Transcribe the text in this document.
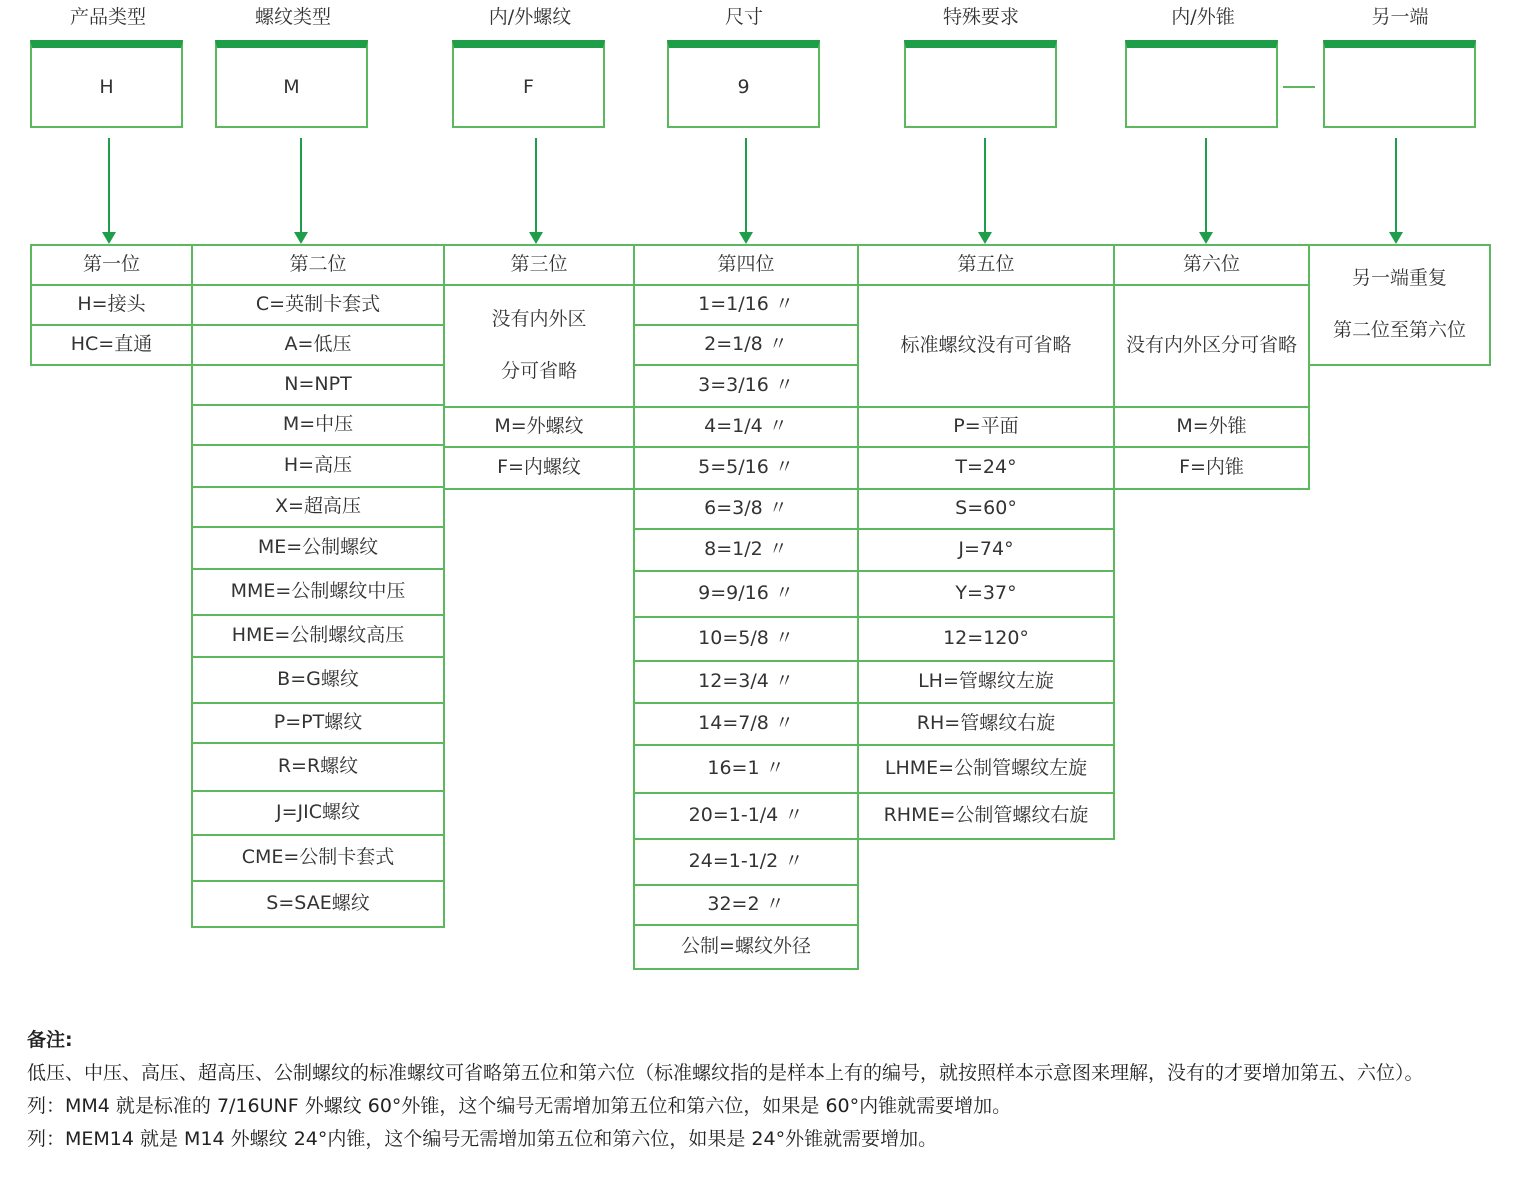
产品类型	螺纹类型	内/外螺纹	尺寸	特殊要求	内/外锥	另一端
H	M	F	9
第一位
H=接头
HC=直通
第二位
C=英制卡套式
A=低压
N=NPT
M=中压
H=高压
X=超高压
ME=公制螺纹
MME=公制螺纹中压
HME=公制螺纹高压
B=G螺纹
P=PT螺纹
R=R螺纹
J=JIC螺纹
CME=公制卡套式
S=SAE螺纹
第三位
没有内外区
分可省略
M=外螺纹
F=内螺纹
第四位
1=1/16 〃
2=1/8 〃
3=3/16 〃
4=1/4 〃
5=5/16 〃
6=3/8 〃
8=1/2 〃
9=9/16 〃
10=5/8 〃
12=3/4 〃
14=7/8 〃
16=1 〃
20=1-1/4 〃
24=1-1/2 〃
32=2 〃
公制=螺纹外径
第五位
标准螺纹没有可省略
P=平面
T=24°
S=60°
J=74°
Y=37°
12=120°
LH=管螺纹左旋
RH=管螺纹右旋
LHME=公制管螺纹左旋
RHME=公制管螺纹右旋
第六位
没有内外区分可省略
M=外锥
F=内锥
另一端重复
第二位至第六位
备注:
低压、中压、高压、超高压、公制螺纹的标准螺纹可省略第五位和第六位（标准螺纹指的是样本上有的编号，就按照样本示意图来理解，没有的才要增加第五、六位）。
列：MM4 就是标准的 7/16UNF 外螺纹 60°外锥，这个编号无需增加第五位和第六位，如果是 60°内锥就需要增加。
列：MEM14 就是 M14 外螺纹 24°内锥，这个编号无需增加第五位和第六位，如果是 24°外锥就需要增加。
